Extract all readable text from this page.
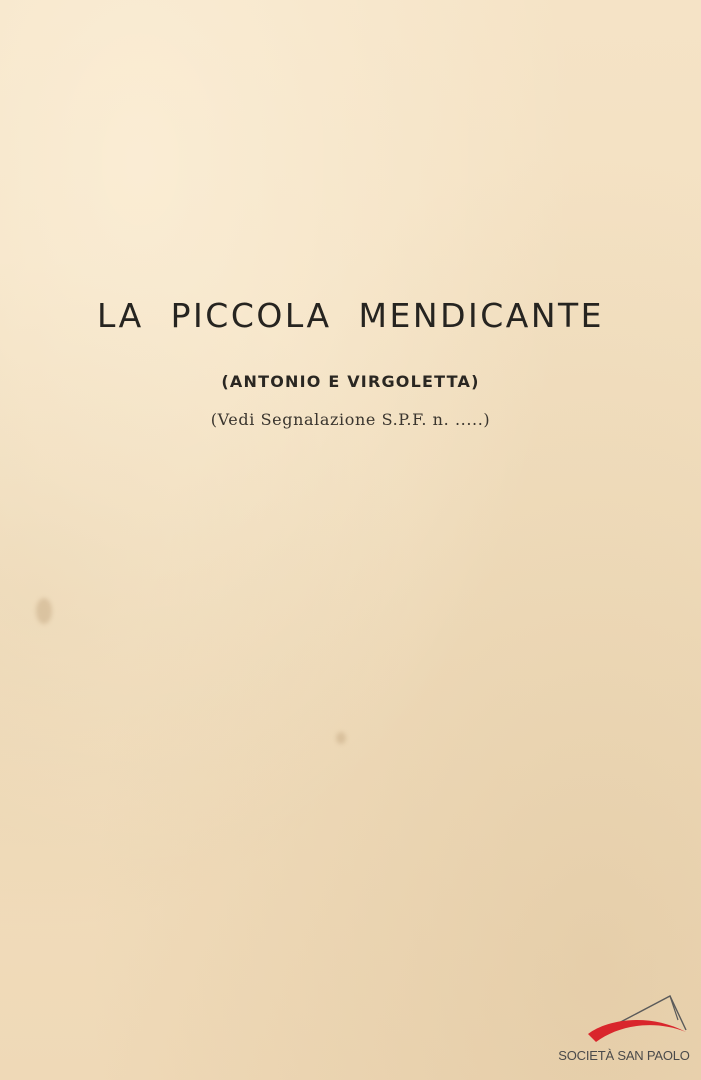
LA PICCOLA MENDICANTE
(ANTONIO E VIRGOLETTA)

(Vedi Segnalazione S.P.F. n. .....)

SOCIETÀ SAN PAOLO
